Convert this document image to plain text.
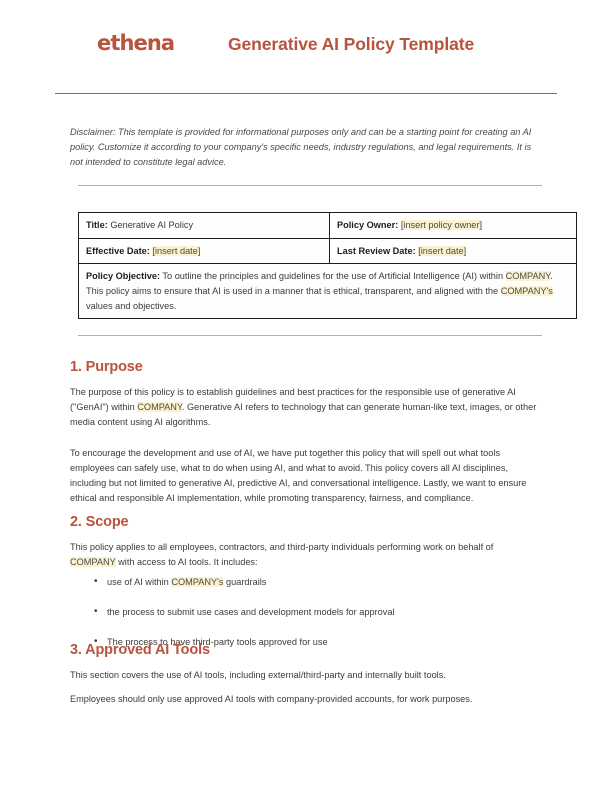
ethena	Generative AI Policy Template
Disclaimer: This template is provided for informational purposes only and can be a starting point for creating an AI policy. Customize it according to your company's specific needs, industry regulations, and legal requirements. It is not intended to constitute legal advice.
Title: Generative AI Policy	Policy Owner: [insert policy owner]
Effective Date: [insert date]	Last Review Date: [insert date]
Policy Objective: To outline the principles and guidelines for the use of Artificial Intelligence (AI) within COMPANY. This policy aims to ensure that AI is used in a manner that is ethical, transparent, and aligned with the COMPANY's values and objectives.	
1. Purpose
The purpose of this policy is to establish guidelines and best practices for the responsible use of generative AI ("GenAI") within COMPANY. Generative AI refers to technology that can generate human-like text, images, or other media content using AI algorithms.
To encourage the development and use of AI, we have put together this policy that will spell out what tools employees can safely use, what to do when using AI, and what to avoid. This policy covers all AI disciplines, including but not limited to generative AI, predictive AI, and conversational intelligence. Lastly, we want to ensure ethical and responsible AI implementation, while promoting transparency, fairness, and compliance.
2. Scope
This policy applies to all employees, contractors, and third-party individuals performing work on behalf of COMPANY with access to AI tools. It includes:
• use of AI within COMPANY's guardrails
• the process to submit use cases and development models for approval
• The process to have third-party tools approved for use
3. Approved AI Tools
This section covers the use of AI tools, including external/third-party and internally built tools.
Employees should only use approved AI tools with company-provided accounts, for work purposes.
